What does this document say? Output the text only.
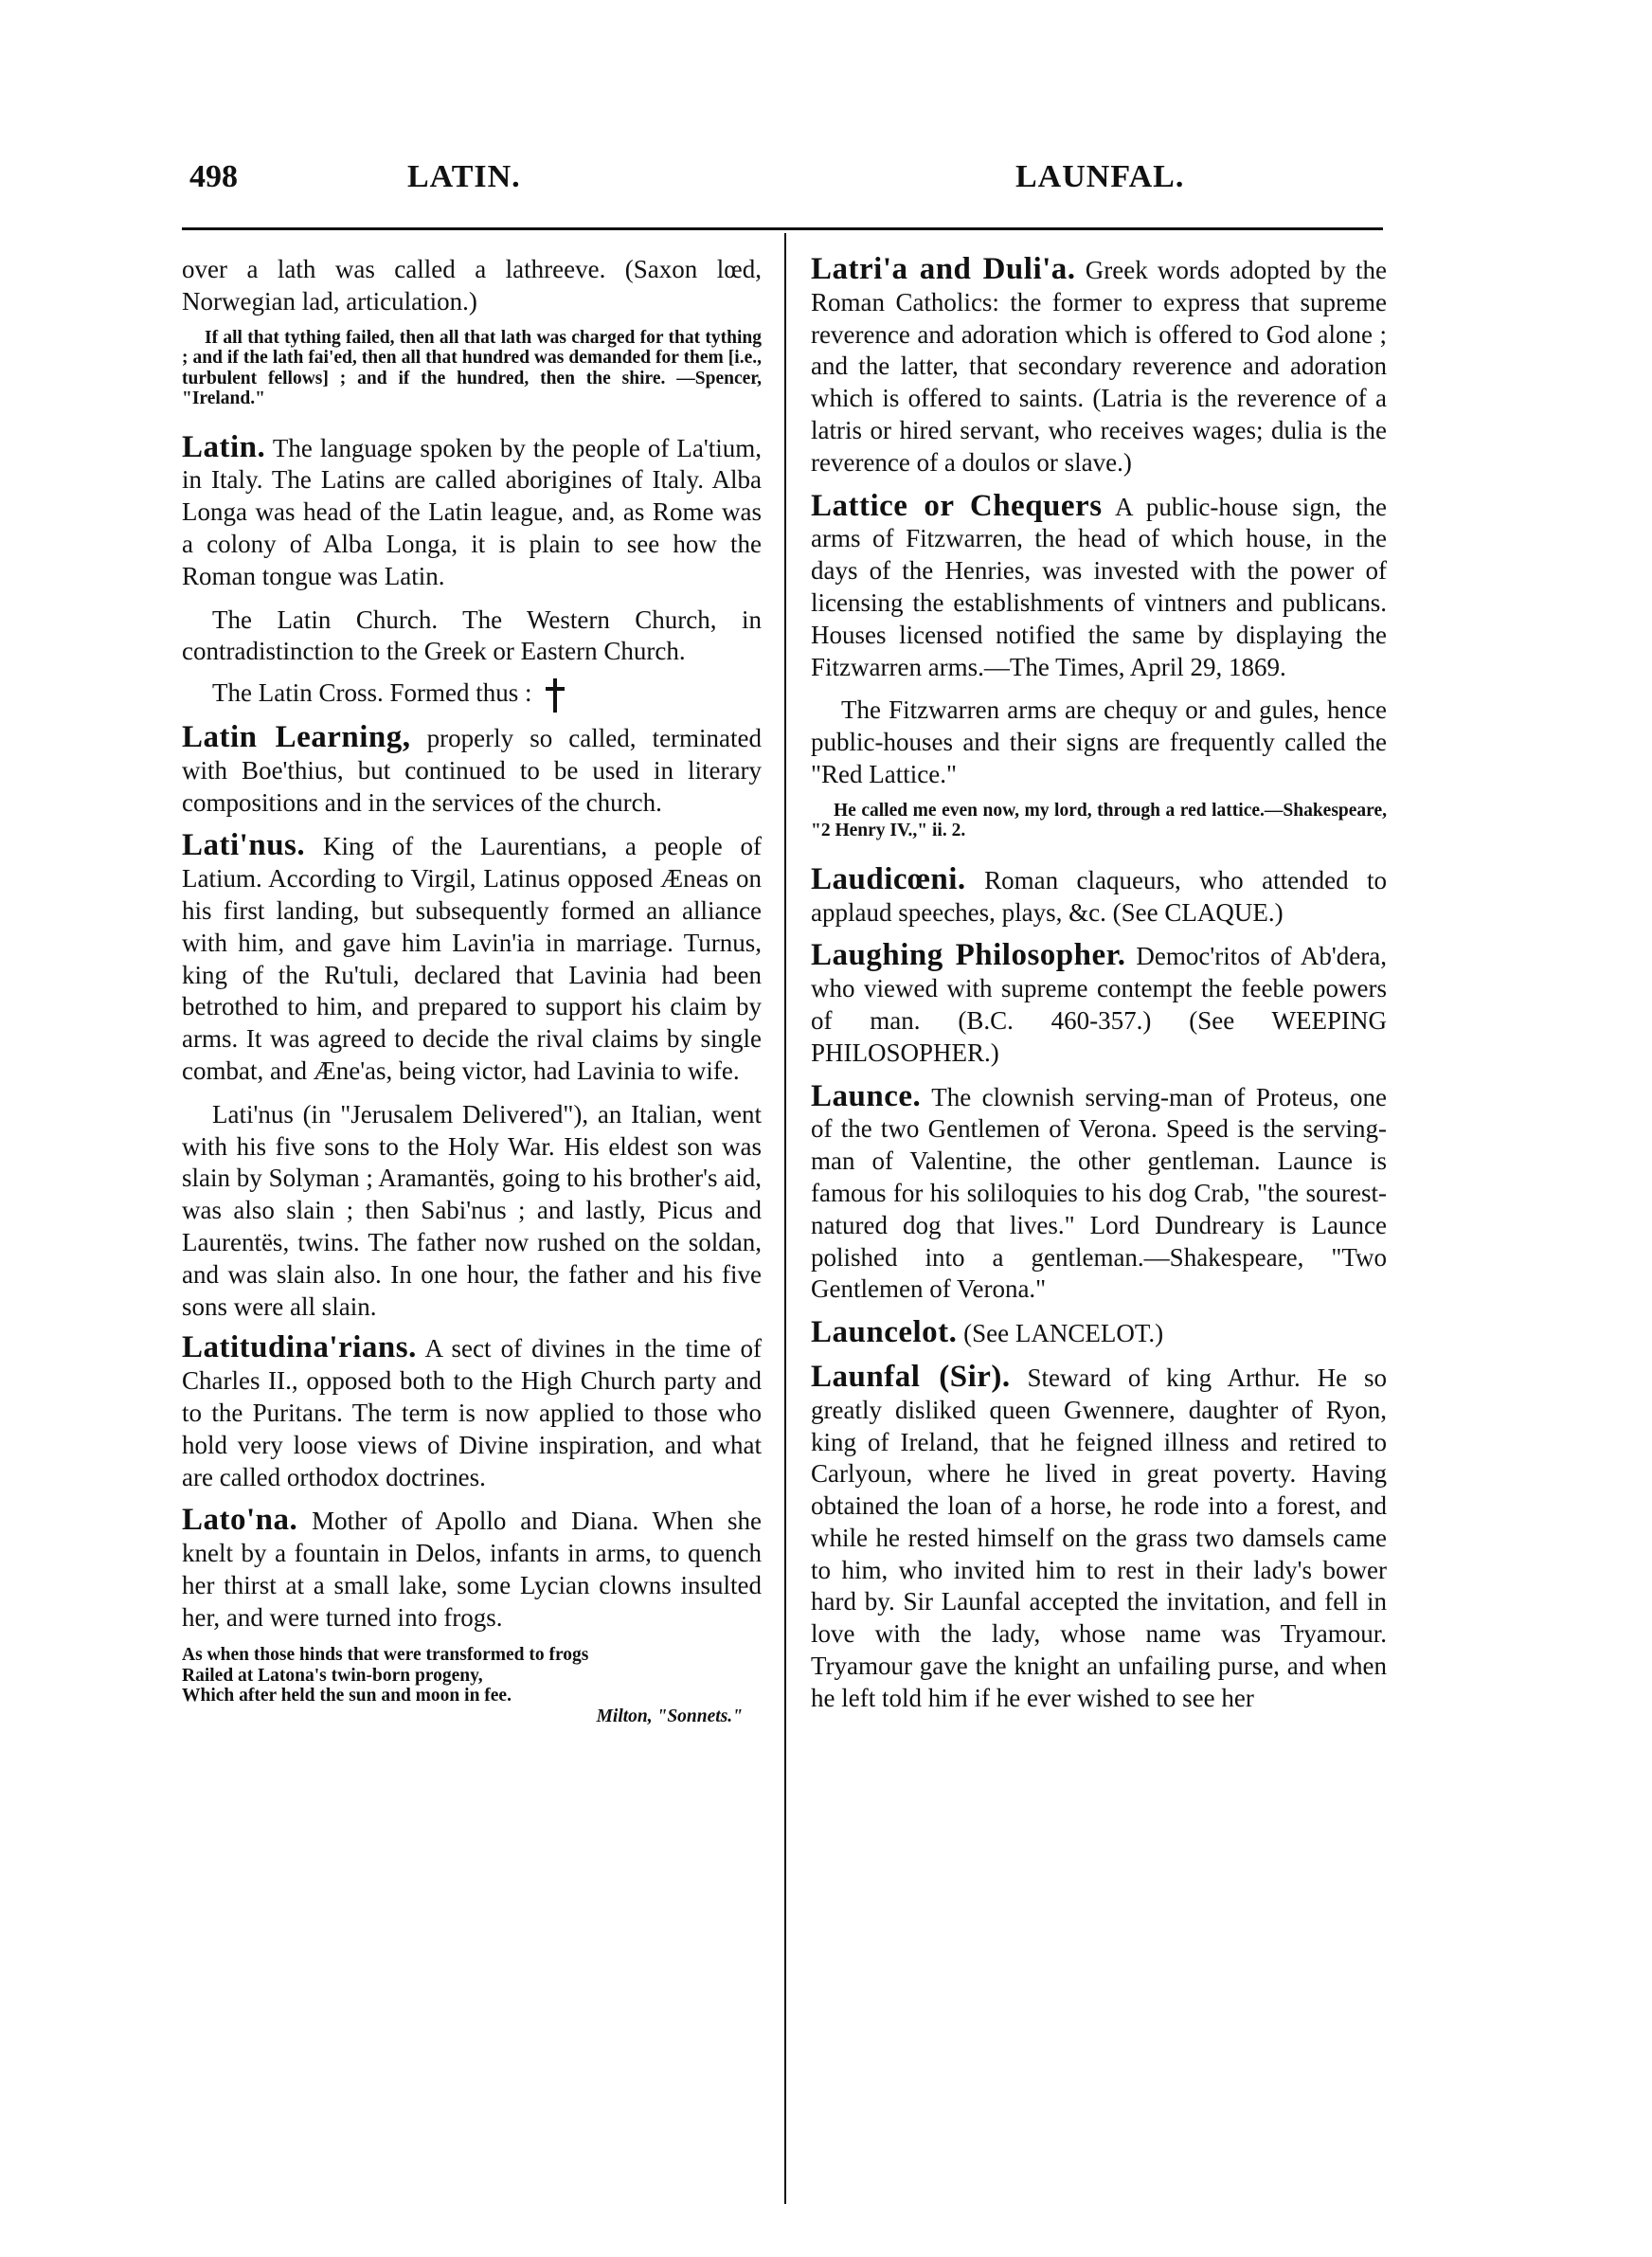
498	LATIN.	LAUNFAL.

over a lath was called a lathreeve. (Saxon lœd, Norwegian lad, articulation.)

If all that tything failed, then all that lath was charged for that tything ; and if the lath fai'ed, then all that hundred was demanded for them [i.e., turbulent fellows] ; and if the hundred, then the shire. —Spencer, "Ireland."

Latin. The language spoken by the people of La'tium, in Italy. The Latins are called aborigines of Italy. Alba Longa was head of the Latin league, and, as Rome was a colony of Alba Longa, it is plain to see how the Roman tongue was Latin.

The Latin Church. The Western Church, in contradistinction to the Greek or Eastern Church.

The Latin Cross. Formed thus :

Latin Learning, properly so called, terminated with Boe'thius, but continued to be used in literary compositions and in the services of the church.

Lati'nus. King of the Laurentians, a people of Latium. According to Virgil, Latinus opposed Æneas on his first landing, but subsequently formed an alliance with him, and gave him Lavin'ia in marriage. Turnus, king of the Ru'tuli, declared that Lavinia had been betrothed to him, and prepared to support his claim by arms. It was agreed to decide the rival claims by single combat, and Æne'as, being victor, had Lavinia to wife.

Lati'nus (in "Jerusalem Delivered"), an Italian, went with his five sons to the Holy War. His eldest son was slain by Solyman ; Aramantës, going to his brother's aid, was also slain ; then Sabi'nus ; and lastly, Picus and Laurentës, twins. The father now rushed on the soldan, and was slain also. In one hour, the father and his five sons were all slain.

Latitudina'rians. A sect of divines in the time of Charles II., opposed both to the High Church party and to the Puritans. The term is now applied to those who hold very loose views of Divine inspiration, and what are called orthodox doctrines.

Lato'na. Mother of Apollo and Diana. When she knelt by a fountain in Delos, infants in arms, to quench her thirst at a small lake, some Lycian clowns insulted her, and were turned into frogs.

As when those hinds that were transformed to frogs
Railed at Latona's twin-born progeny,
Which after held the sun and moon in fee.
Milton, "Sonnets."

Latri'a and Duli'a. Greek words adopted by the Roman Catholics: the former to express that supreme reverence and adoration which is offered to God alone ; and the latter, that secondary reverence and adoration which is offered to saints. (Latria is the reverence of a latris or hired servant, who receives wages; dulia is the reverence of a doulos or slave.)

Lattice or Chequers A public-house sign, the arms of Fitzwarren, the head of which house, in the days of the Henries, was invested with the power of licensing the establishments of vintners and publicans. Houses licensed notified the same by displaying the Fitzwarren arms.—The Times, April 29, 1869.

The Fitzwarren arms are chequy or and gules, hence public-houses and their signs are frequently called the "Red Lattice."

He called me even now, my lord, through a red lattice.—Shakespeare, "2 Henry IV.," ii. 2.

Laudicœni. Roman claqueurs, who attended to applaud speeches, plays, &c. (See CLAQUE.)

Laughing Philosopher. Democ'ritos of Ab'dera, who viewed with supreme contempt the feeble powers of man. (B.C. 460-357.) (See WEEPING PHILOSOPHER.)

Launce. The clownish serving-man of Proteus, one of the two Gentlemen of Verona. Speed is the serving-man of Valentine, the other gentleman. Launce is famous for his soliloquies to his dog Crab, "the sourest-natured dog that lives." Lord Dundreary is Launce polished into a gentleman.—Shakespeare, "Two Gentlemen of Verona."

Launcelot. (See LANCELOT.)

Launfal (Sir). Steward of king Arthur. He so greatly disliked queen Gwennere, daughter of Ryon, king of Ireland, that he feigned illness and retired to Carlyoun, where he lived in great poverty. Having obtained the loan of a horse, he rode into a forest, and while he rested himself on the grass two damsels came to him, who invited him to rest in their lady's bower hard by. Sir Launfal accepted the invitation, and fell in love with the lady, whose name was Tryamour. Tryamour gave the knight an unfailing purse, and when he left told him if he ever wished to see her
